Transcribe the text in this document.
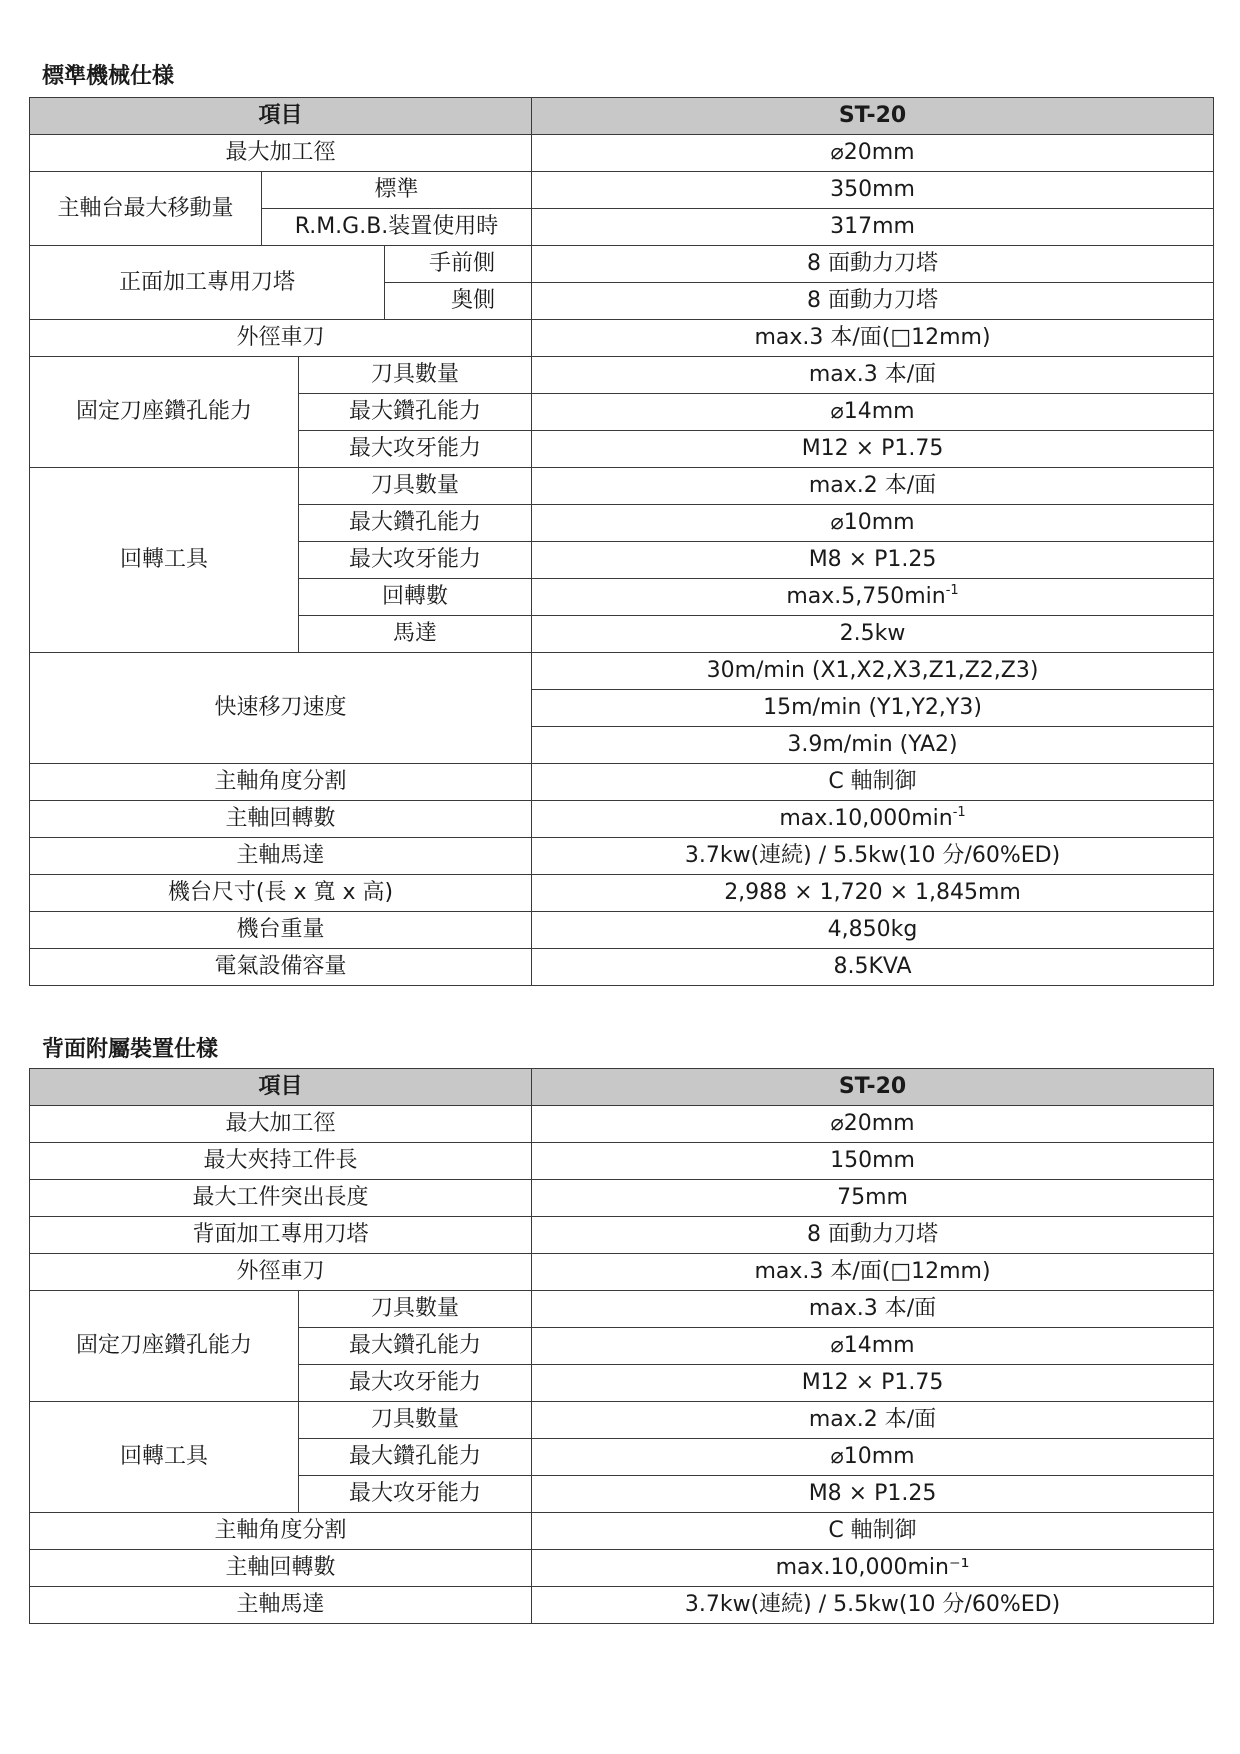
標準機械仕様
項目				ST-20
最大加工徑				⌀20mm
主軸台最大移動量	標準			350mm
	R.M.G.B.装置使用時			317mm
正面加工專用刀塔			手前側	8 面動力刀塔
			奥側	8 面動力刀塔
外徑車刀				max.3 本/面(□12mm)
固定刀座鑽孔能力		刀具數量		max.3 本/面
		最大鑽孔能力		⌀14mm
		最大攻牙能力		M12 × P1.75
回轉工具		刀具數量		max.2 本/面
		最大鑽孔能力		⌀10mm
		最大攻牙能力		M8 × P1.25
		回轉數		$\max.5,750\min^{-1}$
		馬達		2.5kw
快速移刀速度				30m/min (X1,X2,X3,Z1,Z2,Z3)
				15m/min (Y1,Y2,Y3)
				3.9m/min (YA2)
主軸角度分割				C 軸制御
主軸回轉數				$\max.10,000\min^{-1}$
主軸馬達				3.7kw(連続) / 5.5kw(10 分/60%ED)
機台尺寸(長 x 寬 x 高)				2,988 × 1,720 × 1,845mm
機台重量				4,850kg
電氣設備容量				8.5KVA
背面附屬裝置仕樣
項目		ST-20
最大加工徑		⌀20mm
最大夾持工件長		150mm
最大工件突出長度		75mm
背面加工專用刀塔		8 面動力刀塔
外徑車刀		max.3 本/面(□12mm)
固定刀座鑽孔能力	刀具數量	max.3 本/面
	最大鑽孔能力	⌀14mm
	最大攻牙能力	M12 × P1.75
回轉工具	刀具數量	max.2 本/面
	最大鑽孔能力	⌀10mm
	最大攻牙能力	M8 × P1.25
主軸角度分割		C 軸制御
主軸回轉數		max.10,000min⁻¹
主軸馬達		3.7kw(連続) / 5.5kw(10 分/60%ED)
